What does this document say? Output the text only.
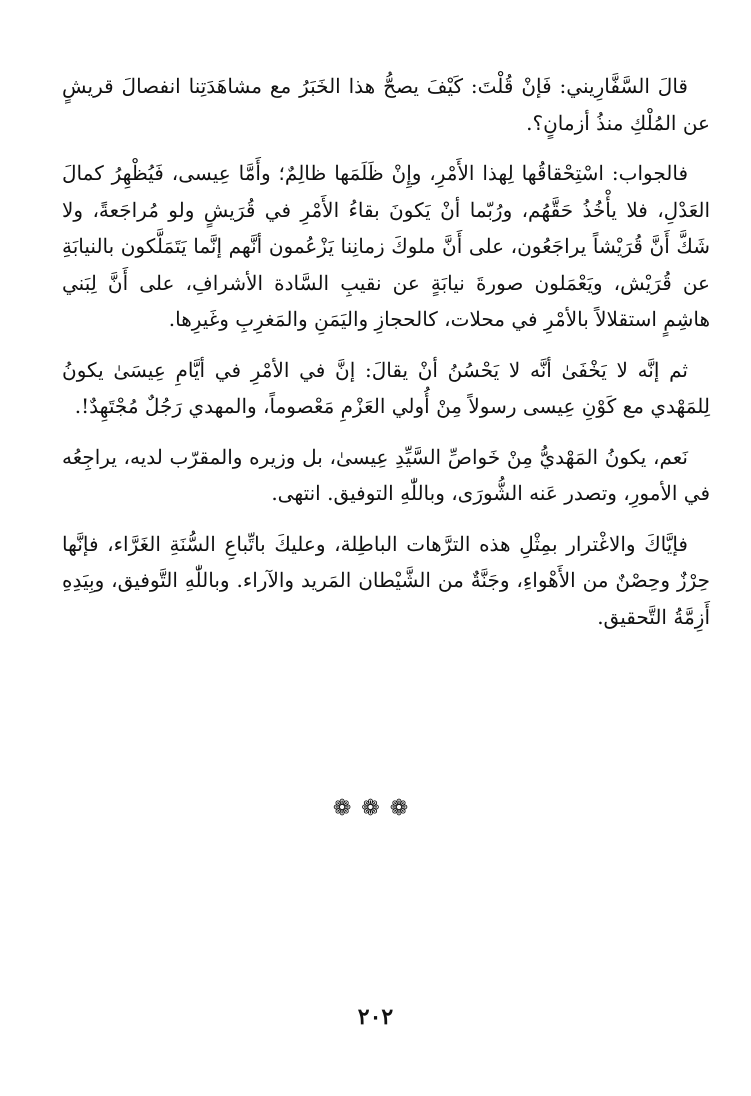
قالَ السَّفَّارِيني: فَإنْ قُلْتَ: كَيْفَ يصحُّ هذا الخَبَرُ مع مشاهَدَتِنا انفصالَ قريشٍ عن المُلْكِ منذُ أزمانٍ؟.

فالجواب: اسْتِحْقاقُها لِهذا الأَمْرِ، وإِنْ ظَلَمَها ظالِمٌ؛ وأَمَّا عِيسى، فَيُظْهِرُ كمالَ العَدْلِ، فلا يأْخُذُ حَقَّهُم، ورُبّما أنْ يَكونَ بقاءُ الأَمْرِ في قُرَيشٍ ولو مُراجَعةً، ولا شَكَّ أَنَّ قُرَيْشاً يراجَعُون، على أَنَّ ملوكَ زمانِنا يَزْعُمون أنَّهم إنَّما يَتَمَلَّكون بالنيابَةِ عن قُرَيْش، ويَعْمَلون صورةَ نيابَةٍ عن نقيبِ السَّادة الأشرافِ، على أَنَّ لِبَني هاشِمٍ استقلالاً بالأمْرِ في محلات، كالحجازِ واليَمَنِ والمَغرِبِ وغَيرِها.

ثم إنَّه لا يَخْفَىٰ أنَّه لا يَحْسُنُ أنْ يقالَ: إنَّ في الأمْرِ في أيَّامِ عِيسَىٰ يكونُ لِلمَهْدي مع كَوْنِ عِيسى رسولاً مِنْ أُولي العَزْمِ مَعْصوماً، والمهدي رَجُلٌ مُجْتَهِدٌ!.

نَعم، يكونُ المَهْديُّ مِنْ خَواصِّ السَّيِّدِ عِيسىٰ، بل وزيره والمقرّب لديه، يراجِعُه في الأمورِ، وتصدر عَنه الشُّورَى، وباللّٰهِ التوفيق. انتهى.

فإيَّاكَ والاغْترار بمِثْلِ هذه الترَّهات الباطِلة، وعليكَ باتِّباعِ السُّنَةِ الغَرَّاء، فإنَّها حِرْزٌ وحِصْنٌ من الأَهْواءِ، وجَنَّةٌ من الشَّيْطان المَريد والآراء. وباللّٰهِ التَّوفيق، وبِيَدِهِ أَزِمَّةُ التَّحقيق.

❁❁❁
٢٠٢
